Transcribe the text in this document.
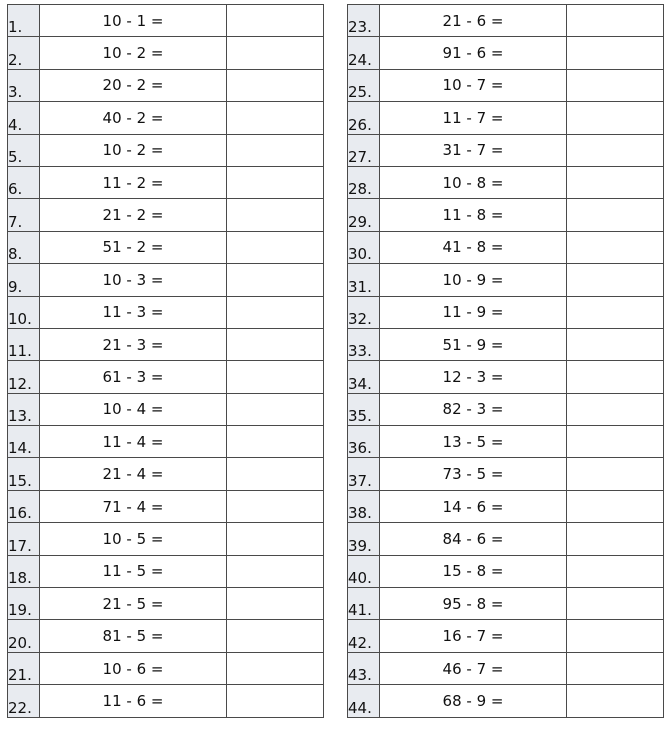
1.	10 - 1 =	
2.	10 - 2 =	
3.	20 - 2 =	
4.	40 - 2 =	
5.	10 - 2 =	
6.	11 - 2 =	
7.	21 - 2 =	
8.	51 - 2 =	
9.	10 - 3 =	
10.	11 - 3 =	
11.	21 - 3 =	
12.	61 - 3 =	
13.	10 - 4 =	
14.	11 - 4 =	
15.	21 - 4 =	
16.	71 - 4 =	
17.	10 - 5 =	
18.	11 - 5 =	
19.	21 - 5 =	
20.	81 - 5 =	
21.	10 - 6 =	
22.	11 - 6 =	
23.	21 - 6 =	
24.	91 - 6 =	
25.	10 - 7 =	
26.	11 - 7 =	
27.	31 - 7 =	
28.	10 - 8 =	
29.	11 - 8 =	
30.	41 - 8 =	
31.	10 - 9 =	
32.	11 - 9 =	
33.	51 - 9 =	
34.	12 - 3 =	
35.	82 - 3 =	
36.	13 - 5 =	
37.	73 - 5 =	
38.	14 - 6 =	
39.	84 - 6 =	
40.	15 - 8 =	
41.	95 - 8 =	
42.	16 - 7 =	
43.	46 - 7 =	
44.	68 - 9 =	
